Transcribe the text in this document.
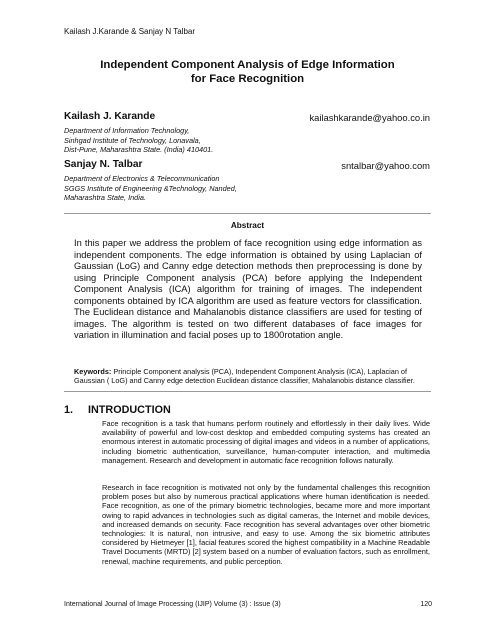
Kailash J.Karande & Sanjay N Talbar
Independent Component Analysis of Edge Information
for Face Recognition
Kailash J. Karande	kailashkarande@yahoo.co.in
Department of Information Technology,
Sinhgad Institute of Technology, Lonavala,
Dist-Pune, Maharashtra State. (India) 410401.
Sanjay N. Talbar	sntalbar@yahoo.com
Department of Electronics & Telecommunication
SGGS Institute of Engineering &Technology, Nanded,
Maharashtra State, India.
Abstract
In this paper we address the problem of face recognition using edge information as independent components. The edge information is obtained by using Laplacian of Gaussian (LoG) and Canny edge detection methods then preprocessing is done by using Principle Component analysis (PCA) before applying the Independent Component Analysis (ICA) algorithm for training of images. The independent components obtained by ICA algorithm are used as feature vectors for classification. The Euclidean distance and Mahalanobis distance classifiers are used for testing of images. The algorithm is tested on two different databases of face images for variation in illumination and facial poses up to 1800rotation angle.
Keywords: Principle Component analysis (PCA), Independent Component Analysis (ICA), Laplacian of Gaussian ( LoG) and Canny edge detection Euclidean distance classifier, Mahalanobis distance classifier.
1. INTRODUCTION
Face recognition is a task that humans perform routinely and effortlessly in their daily lives. Wide availability of powerful and low-cost desktop and embedded computing systems has created an enormous interest in automatic processing of digital images and videos in a number of applications, including biometric authentication, surveillance, human-computer interaction, and multimedia management. Research and development in automatic face recognition follows naturally.
Research in face recognition is motivated not only by the fundamental challenges this recognition problem poses but also by numerous practical applications where human identification is needed. Face recognition, as one of the primary biometric technologies, became more and more important owing to rapid advances in technologies such as digital cameras, the Internet and mobile devices, and increased demands on security. Face recognition has several advantages over other biometric technologies: It is natural, non intrusive, and easy to use. Among the six biometric attributes considered by Hietmeyer [1], facial features scored the highest compatibility in a Machine Readable Travel Documents (MRTD) [2] system based on a number of evaluation factors, such as enrollment, renewal, machine requirements, and public perception.
International Journal of Image Processing (IJIP) Volume (3) : Issue (3)	120
